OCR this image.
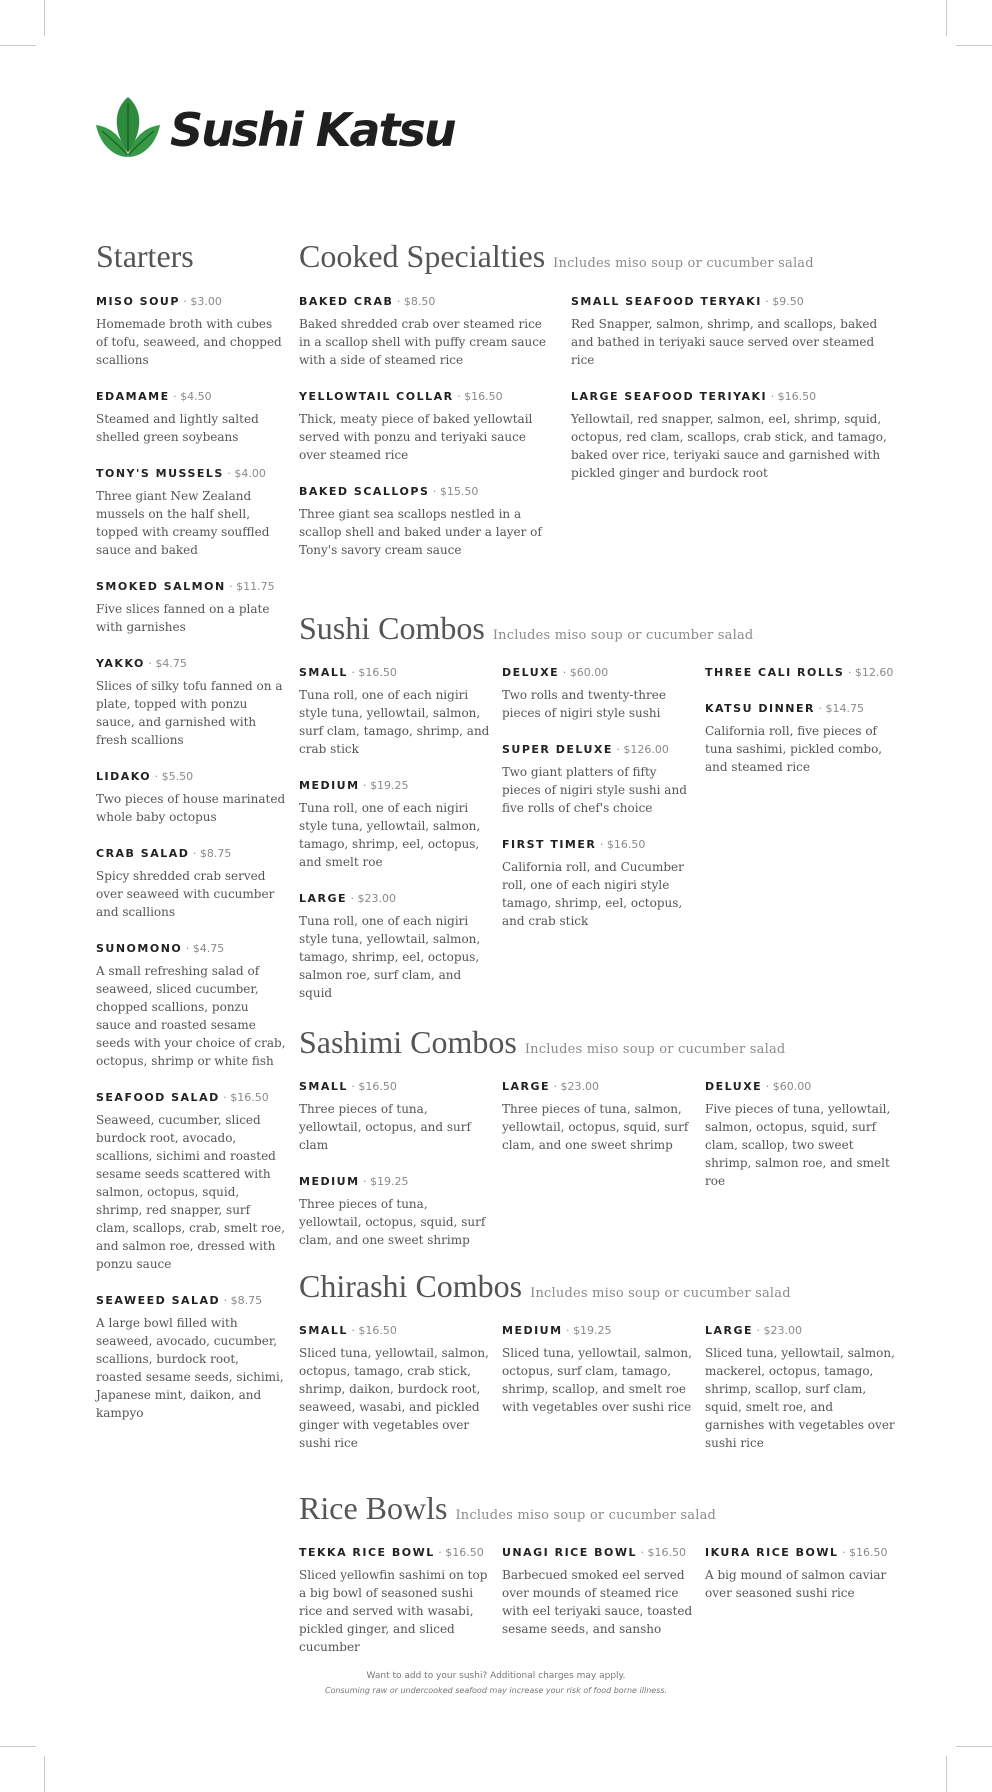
Sushi Katsu
Starters
MISO SOUP · $3.00
Homemade broth with cubes of tofu, seaweed, and chopped scallions
EDAMAME · $4.50
Steamed and lightly salted shelled green soybeans
TONY'S MUSSELS · $4.00
Three giant New Zealand mussels on the half shell, topped with creamy souffled sauce and baked
SMOKED SALMON · $11.75
Five slices fanned on a plate with garnishes
YAKKO · $4.75
Slices of silky tofu fanned on a plate, topped with ponzu sauce, and garnished with fresh scallions
LIDAKO · $5.50
Two pieces of house marinated whole baby octopus
CRAB SALAD · $8.75
Spicy shredded crab served over seaweed with cucumber and scallions
SUNOMONO · $4.75
A small refreshing salad of seaweed, sliced cucumber, chopped scallions, ponzu sauce and roasted sesame seeds with your choice of crab, octopus, shrimp or white fish
SEAFOOD SALAD · $16.50
Seaweed, cucumber, sliced burdock root, avocado, scallions, sichimi and roasted sesame seeds scattered with salmon, octopus, squid, shrimp, red snapper, surf clam, scallops, crab, smelt roe, and salmon roe, dressed with ponzu sauce
SEAWEED SALAD · $8.75
A large bowl filled with seaweed, avocado, cucumber, scallions, burdock root, roasted sesame seeds, sichimi, Japanese mint, daikon, and kampyo
Cooked Specialties Includes miso soup or cucumber salad
BAKED CRAB · $8.50
Baked shredded crab over steamed rice in a scallop shell with puffy cream sauce with a side of steamed rice
YELLOWTAIL COLLAR · $16.50
Thick, meaty piece of baked yellowtail served with ponzu and teriyaki sauce over steamed rice
BAKED SCALLOPS · $15.50
Three giant sea scallops nestled in a scallop shell and baked under a layer of Tony's savory cream sauce
SMALL SEAFOOD TERYAKI · $9.50
Red Snapper, salmon, shrimp, and scallops, baked and bathed in teriyaki sauce served over steamed rice
LARGE SEAFOOD TERIYAKI · $16.50
Yellowtail, red snapper, salmon, eel, shrimp, squid, octopus, red clam, scallops, crab stick, and tamago, baked over rice, teriyaki sauce and garnished with pickled ginger and burdock root
Sushi Combos Includes miso soup or cucumber salad
SMALL · $16.50
Tuna roll, one of each nigiri style tuna, yellowtail, salmon, surf clam, tamago, shrimp, and crab stick
MEDIUM · $19.25
Tuna roll, one of each nigiri style tuna, yellowtail, salmon, tamago, shrimp, eel, octopus, and smelt roe
LARGE · $23.00
Tuna roll, one of each nigiri style tuna, yellowtail, salmon, tamago, shrimp, eel, octopus, salmon roe, surf clam, and squid
DELUXE · $60.00
Two rolls and twenty-three pieces of nigiri style sushi
SUPER DELUXE · $126.00
Two giant platters of fifty pieces of nigiri style sushi and five rolls of chef's choice
FIRST TIMER · $16.50
California roll, and Cucumber roll, one of each nigiri style tamago, shrimp, eel, octopus, and crab stick
THREE CALI ROLLS · $12.60
KATSU DINNER · $14.75
California roll, five pieces of tuna sashimi, pickled combo, and steamed rice
Sashimi Combos Includes miso soup or cucumber salad
SMALL · $16.50
Three pieces of tuna, yellowtail, octopus, and surf clam
MEDIUM · $19.25
Three pieces of tuna, yellowtail, octopus, squid, surf clam, and one sweet shrimp
LARGE · $23.00
Three pieces of tuna, salmon, yellowtail, octopus, squid, surf clam, and one sweet shrimp
DELUXE · $60.00
Five pieces of tuna, yellowtail, salmon, octopus, squid, surf clam, scallop, two sweet shrimp, salmon roe, and smelt roe
Chirashi Combos Includes miso soup or cucumber salad
SMALL · $16.50
Sliced tuna, yellowtail, salmon, octopus, tamago, crab stick, shrimp, daikon, burdock root, seaweed, wasabi, and pickled ginger with vegetables over sushi rice
MEDIUM · $19.25
Sliced tuna, yellowtail, salmon, octopus, surf clam, tamago, shrimp, scallop, and smelt roe with vegetables over sushi rice
LARGE · $23.00
Sliced tuna, yellowtail, salmon, mackerel, octopus, tamago, shrimp, scallop, surf clam, squid, smelt roe, and garnishes with vegetables over sushi rice
Rice Bowls Includes miso soup or cucumber salad
TEKKA RICE BOWL · $16.50
Sliced yellowfin sashimi on top a big bowl of seasoned sushi rice and served with wasabi, pickled ginger, and sliced cucumber
UNAGI RICE BOWL · $16.50
Barbecued smoked eel served over mounds of steamed rice with eel teriyaki sauce, toasted sesame seeds, and sansho
IKURA RICE BOWL · $16.50
A big mound of salmon caviar over seasoned sushi rice
Want to add to your sushi? Additional charges may apply.
Consuming raw or undercooked seafood may increase your risk of food borne illness.
